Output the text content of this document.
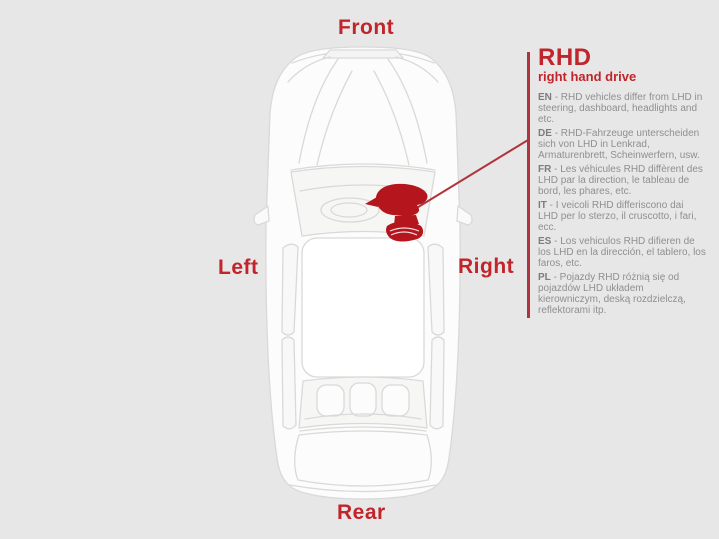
Front
Left	Right
Rear
RHD
right hand drive

EN - RHD vehicles differ from LHD in steering, dashboard, headlights and etc.

DE - RHD-Fahrzeuge unterscheiden sich von LHD in Lenkrad, Armaturenbrett, Scheinwerfern, usw.

FR - Les véhicules RHD diffèrent des LHD par la direction, le tableau de bord, les phares, etc.

IT - I veicoli RHD differiscono dai LHD per lo sterzo, il cruscotto, i fari, ecc.

ES - Los vehiculos RHD difieren de los LHD en la dirección, el tablero, los faros, etc.

PL - Pojazdy RHD różnią się od pojazdów LHD układem kierowniczym, deską rozdzielczą, reflektorami itp.
